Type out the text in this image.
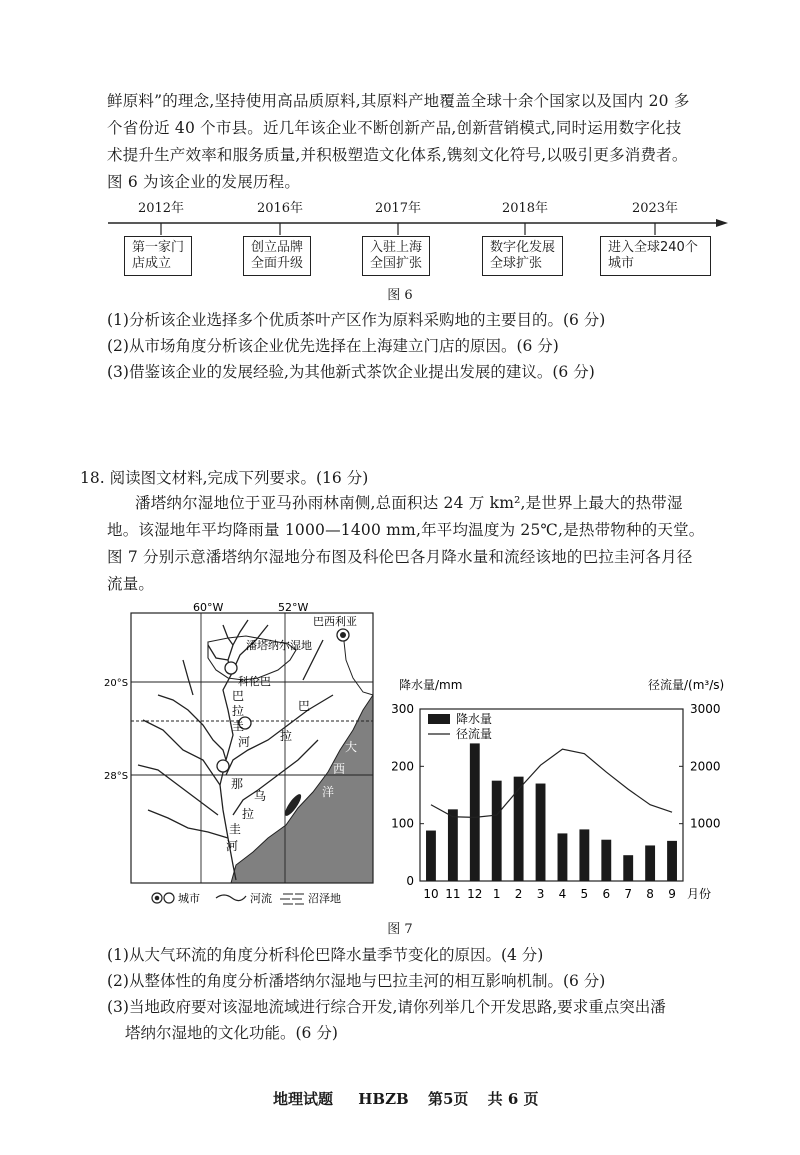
鲜原料”的理念,坚持使用高品质原料,其原料产地覆盖全球十余个国家以及国内 20 多
个省份近 40 个市县。近几年该企业不断创新产品,创新营销模式,同时运用数字化技
术提升生产效率和服务质量,并积极塑造文化体系,镌刻文化符号,以吸引更多消费者。
图 6 为该企业的发展历程。
2012年	2016年	2017年	2018年	2023年
第一家门
店成立
创立品牌
全面升级
入驻上海
全国扩张
数字化发展
全球扩张
进入全球240个
城市
图 6
(1)分析该企业选择多个优质茶叶产区作为原料采购地的主要目的。(6 分)
(2)从市场角度分析该企业优先选择在上海建立门店的原因。(6 分)
(3)借鉴该企业的发展经验,为其他新式茶饮企业提出发展的建议。(6 分)
18. 阅读图文材料,完成下列要求。(16 分)
潘塔纳尔湿地位于亚马孙雨林南侧,总面积达 24 万 km²,是世界上最大的热带湿
地。该湿地年平均降雨量 1000—1400 mm,年平均温度为 25℃,是热带物种的天堂。
图 7 分别示意潘塔纳尔湿地分布图及科伦巴各月降水量和流经该地的巴拉圭河各月径
流量。
60°W	52°W
20°S
28°S
巴西利亚
潘塔纳尔湿地
科伦巴
巴
拉
圭
河
巴
拉
那
乌
拉
圭
河
大
西
洋
城市	河流	沼泽地
降水量/mm	径流量/(m³/s)
0
100
200
300
1000
2000
3000
10 11 12 1 2 3 4 5 6 7 8 9 月份
降水量
径流量
图 7
(1)从大气环流的角度分析科伦巴降水量季节变化的原因。(4 分)
(2)从整体性的角度分析潘塔纳尔湿地与巴拉圭河的相互影响机制。(6 分)
(3)当地政府要对该湿地流域进行综合开发,请你列举几个开发思路,要求重点突出潘
塔纳尔湿地的文化功能。(6 分)
地理试题 HBZB 第5页 共 6 页
